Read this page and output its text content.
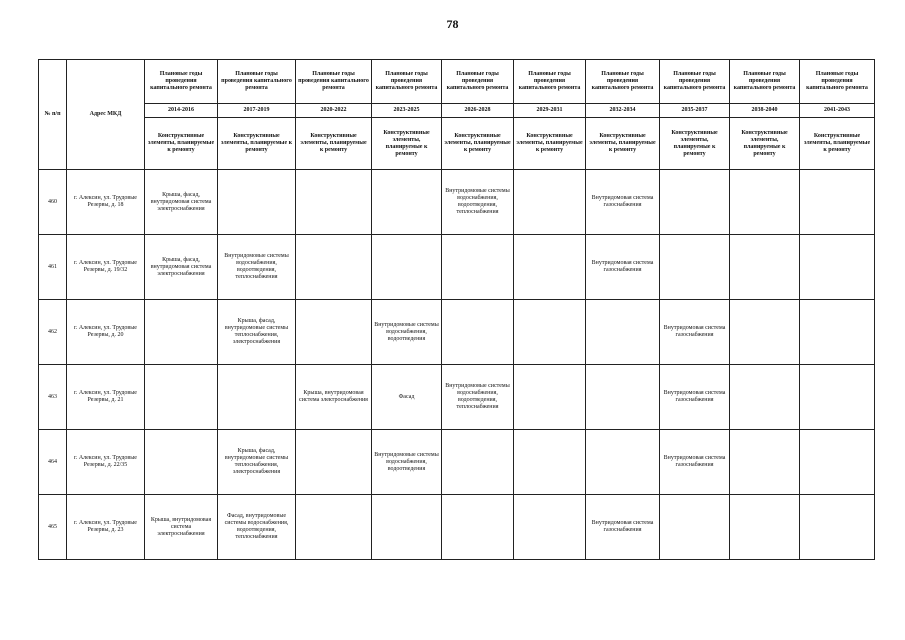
78
№ п/п	Адрес МКД	Плановые годы проведения капитального ремонта	Плановые годы проведения капитального ремонта	Плановые годы проведения капитального ремонта	Плановые годы проведения капитального ремонта	Плановые годы проведения капитального ремонта	Плановые годы проведения капитального ремонта	Плановые годы проведения капитального ремонта	Плановые годы проведения капитального ремонта	Плановые годы проведения капитального ремонта	Плановые годы проведения капитального ремонта
		2014-2016	2017-2019	2020-2022	2023-2025	2026-2028	2029-2031	2032-2034	2035-2037	2038-2040	2041-2043
		Конструктивные элементы, планируемые к ремонту	Конструктивные элементы, планируемые к ремонту	Конструктивные элементы, планируемые к ремонту	Конструктивные элементы, планируемые к ремонту	Конструктивные элементы, планируемые к ремонту	Конструктивные элементы, планируемые к ремонту	Конструктивные элементы, планируемые к ремонту	Конструктивные элементы, планируемые к ремонту	Конструктивные элементы, планируемые к ремонту	Конструктивные элементы, планируемые к ремонту
460	г. Алексин, ул. Трудовые Резервы, д. 18	Крыша, фасад, внутридомовая система электроснабжения				Внутридомовые системы водоснабжения, водоотведения, теплоснабжения		Внутридомовая система газоснабжения			
461	г. Алексин, ул. Трудовые Резервы, д. 19/32	Крыша, фасад, внутридомовая система электроснабжения	Внутридомовые системы водоснабжения, водоотведения, теплоснабжения					Внутридомовая система газоснабжения			
462	г. Алексин, ул. Трудовые Резервы, д. 20		Крыша, фасад, внутридомовые системы теплоснабжения, электроснабжения		Внутридомовые системы водоснабжения, водоотведения				Внутридомовая система газоснабжения		
463	г. Алексин, ул. Трудовые Резервы, д. 21			Крыша, внутридомовая система электроснабжения	Фасад	Внутридомовые системы водоснабжения, водоотведения, теплоснабжения			Внутридомовая система газоснабжения		
464	г. Алексин, ул. Трудовые Резервы, д. 22/35		Крыша, фасад, внутридомовые системы теплоснабжения, электроснабжения		Внутридомовые системы водоснабжения, водоотведения				Внутридомовая система газоснабжения		
465	г. Алексин, ул. Трудовые Резервы, д. 23	Крыша, внутридомовая система электроснабжения	Фасад, внутридомовые системы водоснабжения, водоотведения, теплоснабжения					Внутридомовая система газоснабжения			
